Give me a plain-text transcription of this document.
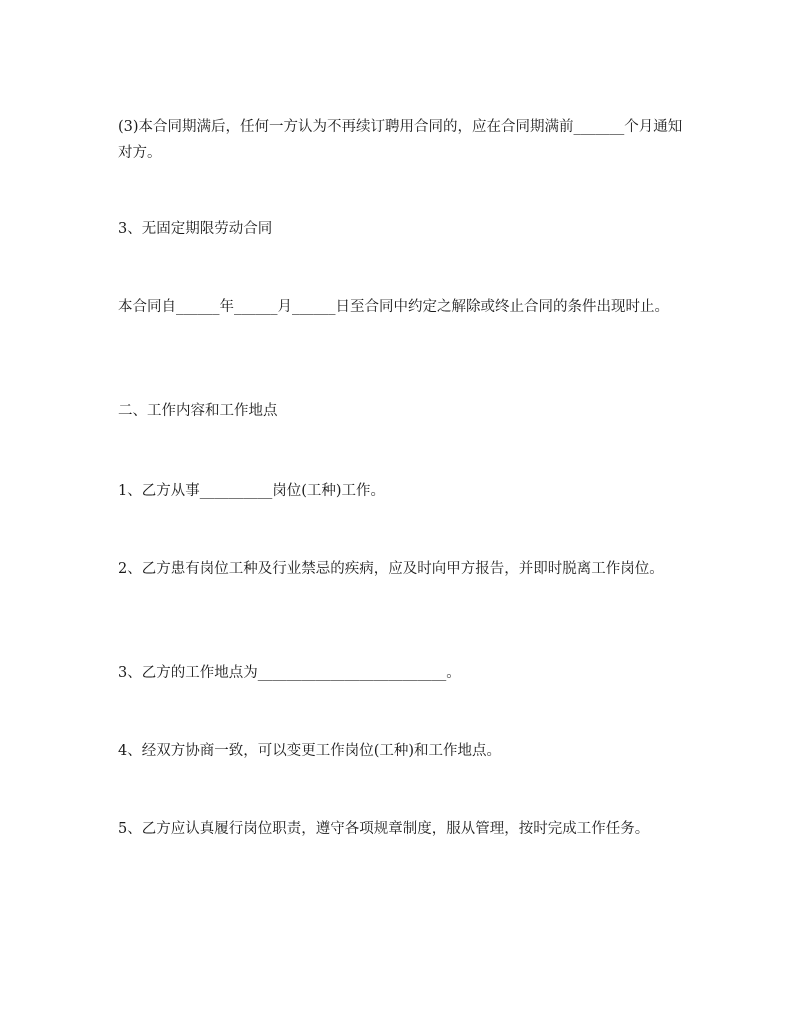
(3)本合同期满后，任何一方认为不再续订聘用合同的，应在合同期满前_______个月通知对方。

3、无固定期限劳动合同

本合同自______年______月______日至合同中约定之解除或终止合同的条件出现时止。

二、工作内容和工作地点

1、乙方从事__________岗位(工种)工作。

2、乙方患有岗位工种及行业禁忌的疾病，应及时向甲方报告，并即时脱离工作岗位。

3、乙方的工作地点为__________________________。

4、经双方协商一致，可以变更工作岗位(工种)和工作地点。

5、乙方应认真履行岗位职责，遵守各项规章制度，服从管理，按时完成工作任务。
